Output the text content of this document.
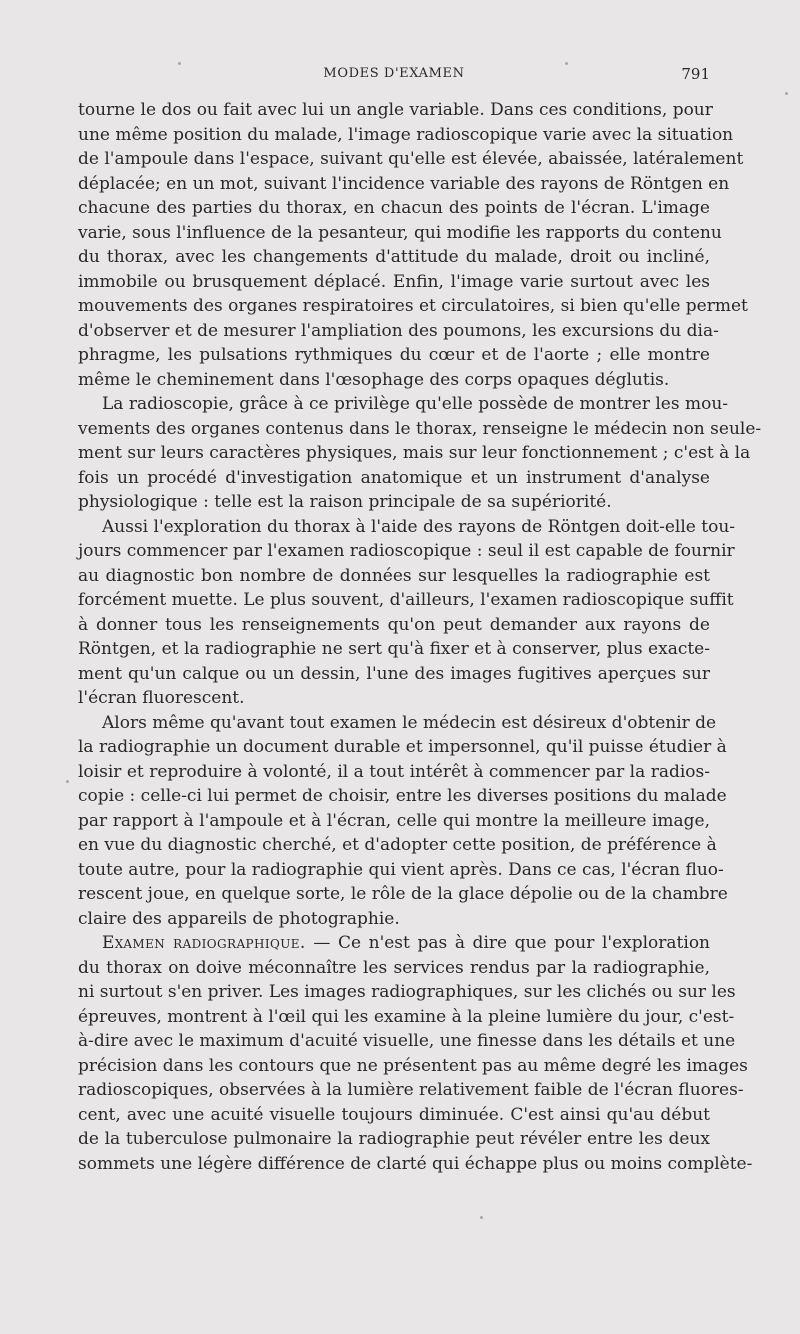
MODES D'EXAMEN	791
tourne le dos ou fait avec lui un angle variable. Dans ces conditions, pour
une même position du malade, l'image radioscopique varie avec la situation
de l'ampoule dans l'espace, suivant qu'elle est élevée, abaissée, latéralement
déplacée; en un mot, suivant l'incidence variable des rayons de Röntgen en
chacune des parties du thorax, en chacun des points de l'écran. L'image
varie, sous l'influence de la pesanteur, qui modifie les rapports du contenu
du thorax, avec les changements d'attitude du malade, droit ou incliné,
immobile ou brusquement déplacé. Enfin, l'image varie surtout avec les
mouvements des organes respiratoires et circulatoires, si bien qu'elle permet
d'observer et de mesurer l'ampliation des poumons, les excursions du dia-
phragme, les pulsations rythmiques du cœur et de l'aorte ; elle montre
même le cheminement dans l'œsophage des corps opaques déglutis.
La radioscopie, grâce à ce privilège qu'elle possède de montrer les mou-
vements des organes contenus dans le thorax, renseigne le médecin non seule-
ment sur leurs caractères physiques, mais sur leur fonctionnement ; c'est à la
fois un procédé d'investigation anatomique et un instrument d'analyse
physiologique : telle est la raison principale de sa supériorité.
Aussi l'exploration du thorax à l'aide des rayons de Röntgen doit-elle tou-
jours commencer par l'examen radioscopique : seul il est capable de fournir
au diagnostic bon nombre de données sur lesquelles la radiographie est
forcément muette. Le plus souvent, d'ailleurs, l'examen radioscopique suffit
à donner tous les renseignements qu'on peut demander aux rayons de
Röntgen, et la radiographie ne sert qu'à fixer et à conserver, plus exacte-
ment qu'un calque ou un dessin, l'une des images fugitives aperçues sur
l'écran fluorescent.
Alors même qu'avant tout examen le médecin est désireux d'obtenir de
la radiographie un document durable et impersonnel, qu'il puisse étudier à
loisir et reproduire à volonté, il a tout intérêt à commencer par la radios-
copie : celle-ci lui permet de choisir, entre les diverses positions du malade
par rapport à l'ampoule et à l'écran, celle qui montre la meilleure image,
en vue du diagnostic cherché, et d'adopter cette position, de préférence à
toute autre, pour la radiographie qui vient après. Dans ce cas, l'écran fluo-
rescent joue, en quelque sorte, le rôle de la glace dépolie ou de la chambre
claire des appareils de photographie.
Examen radiographique. — Ce n'est pas à dire que pour l'exploration
du thorax on doive méconnaître les services rendus par la radiographie,
ni surtout s'en priver. Les images radiographiques, sur les clichés ou sur les
épreuves, montrent à l'œil qui les examine à la pleine lumière du jour, c'est-
à-dire avec le maximum d'acuité visuelle, une finesse dans les détails et une
précision dans les contours que ne présentent pas au même degré les images
radioscopiques, observées à la lumière relativement faible de l'écran fluores-
cent, avec une acuité visuelle toujours diminuée. C'est ainsi qu'au début
de la tuberculose pulmonaire la radiographie peut révéler entre les deux
sommets une légère différence de clarté qui échappe plus ou moins complète-
